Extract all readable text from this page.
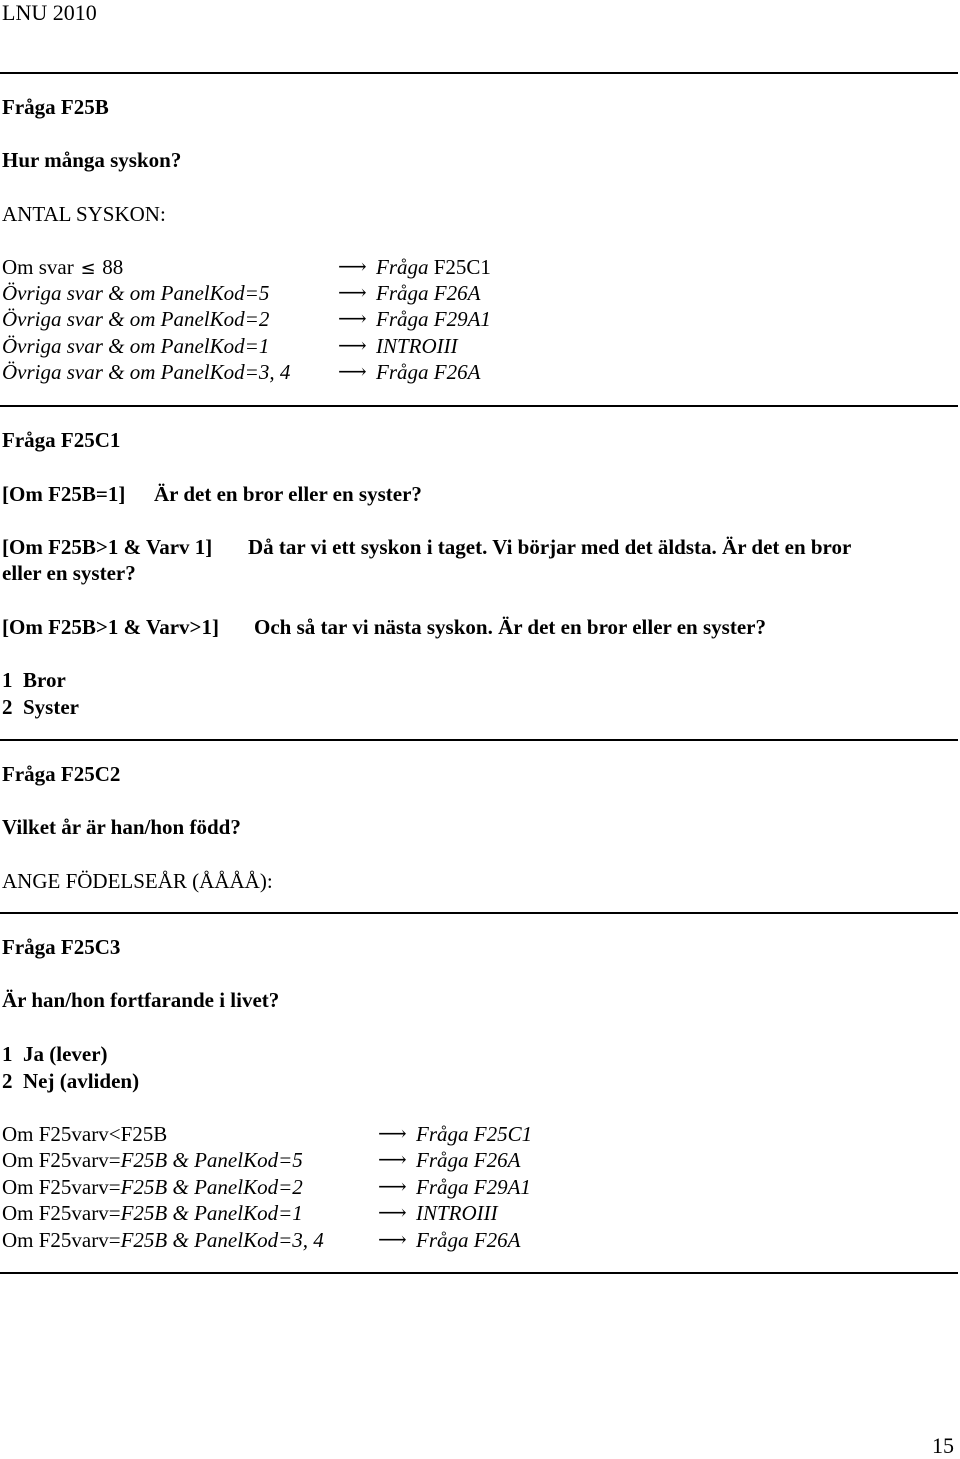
LNU 2010
Fråga F25B
Hur många syskon?
ANTAL SYSKON:
Om svar ≤ 88	⟶ Fråga F25C1
Övriga svar & om PanelKod=5	⟶ Fråga F26A
Övriga svar & om PanelKod=2	⟶ Fråga F29A1
Övriga svar & om PanelKod=1	⟶ INTROIII
Övriga svar & om PanelKod=3, 4 ⟶ Fråga F26A
Fråga F25C1
[Om F25B=1] Är det en bror eller en syster?
[Om F25B>1 & Varv 1] Då tar vi ett syskon i taget. Vi börjar med det äldsta. Är det en bror
eller en syster?
[Om F25B>1 & Varv>1] Och så tar vi nästa syskon. Är det en bror eller en syster?
1 Bror
2 Syster
Fråga F25C2
Vilket år är han/hon född?
ANGE FÖDELSEÅR (ÅÅÅÅ):
Fråga F25C3
Är han/hon fortfarande i livet?
1 Ja (lever)
2 Nej (avliden)
Om F25varv<F25B	⟶ Fråga F25C1
Om F25varv=F25B & PanelKod=5	⟶ Fråga F26A
Om F25varv=F25B & PanelKod=2	⟶ Fråga F29A1
Om F25varv=F25B & PanelKod=1	⟶ INTROIII
Om F25varv=F25B & PanelKod=3, 4	⟶ Fråga F26A
15
